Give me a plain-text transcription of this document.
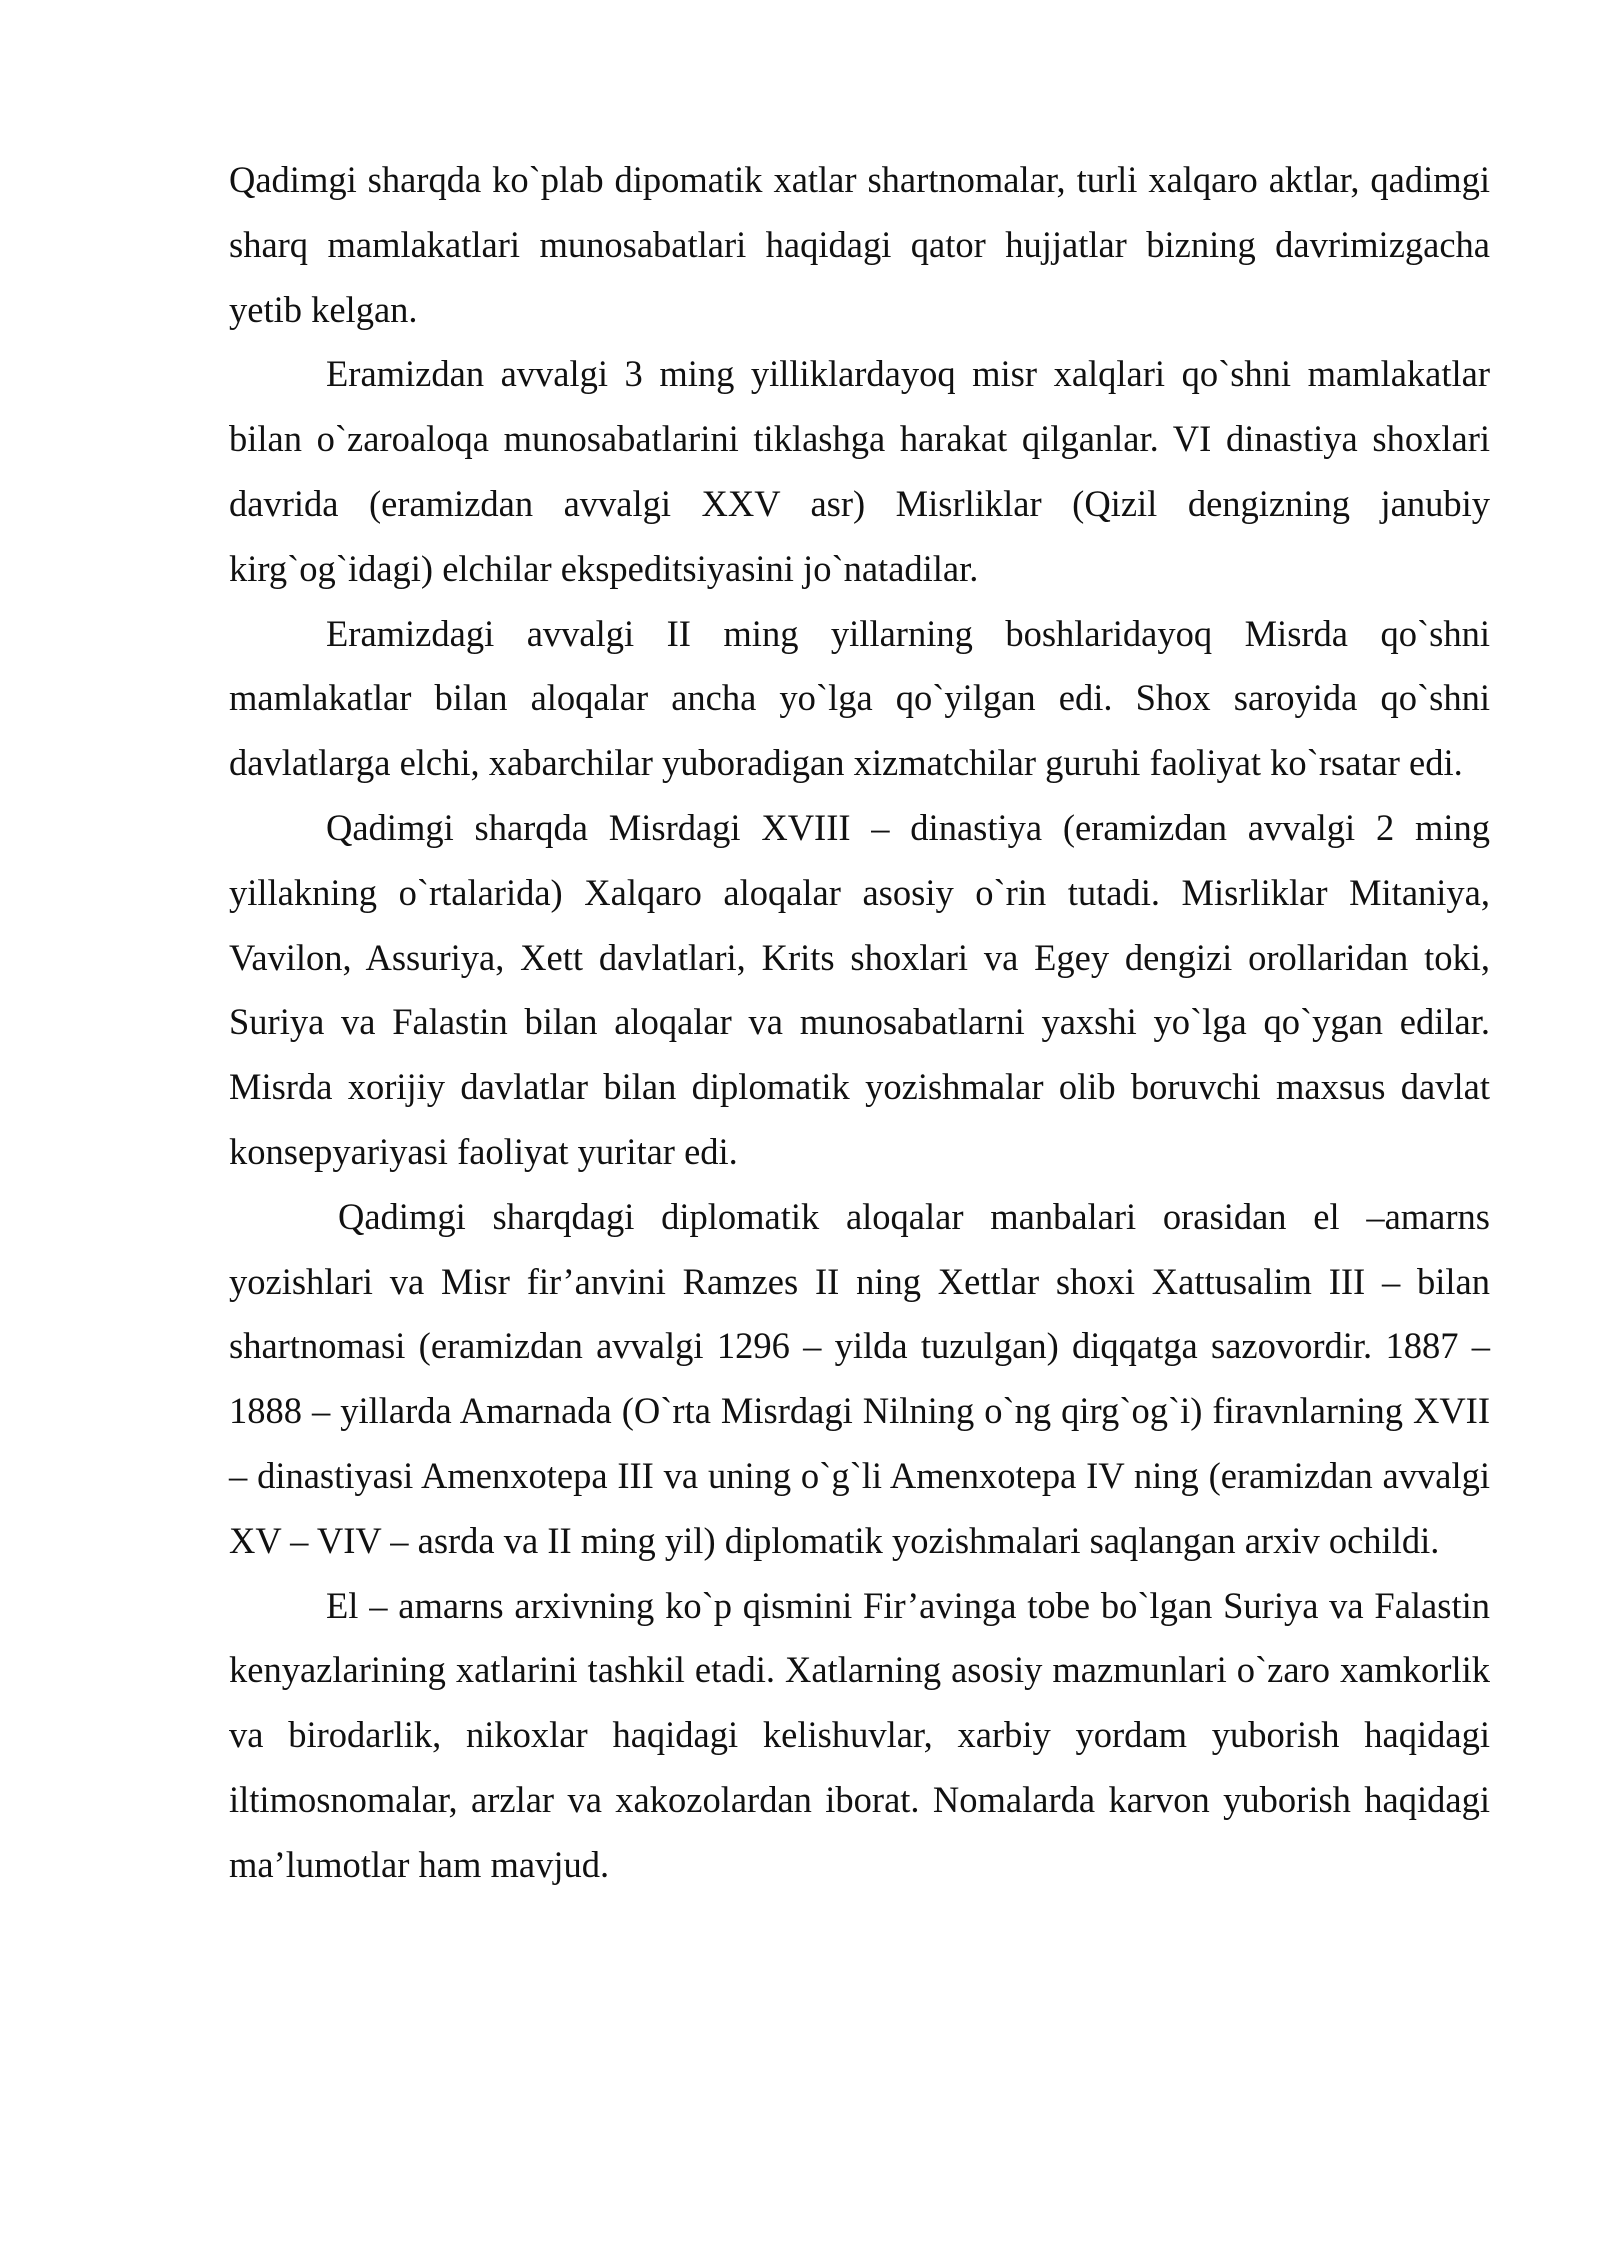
Qadimgi sharqda ko`plab dipomatik xatlar shartnomalar, turli xalqaro aktlar, qadimgi sharq mamlakatlari munosabatlari haqidagi qator hujjatlar bizning davrimizgacha yetib kelgan.

Eramizdan avvalgi 3 ming yilliklardayoq misr xalqlari qo`shni mamlakatlar bilan o`zaroaloqa munosabatlarini tiklashga harakat qilganlar. VI dinastiya shoxlari davrida (eramizdan avvalgi XXV asr) Misrliklar (Qizil dengizning janubiy kirg`og`idagi) elchilar ekspeditsiyasini jo`natadilar.

Eramizdagi avvalgi II ming yillarning boshlaridayoq Misrda qo`shni mamlakatlar bilan aloqalar ancha yo`lga qo`yilgan edi. Shox saroyida qo`shni davlatlarga elchi, xabarchilar yuboradigan xizmatchilar guruhi faoliyat ko`rsatar edi.

Qadimgi sharqda Misrdagi XVIII – dinastiya (eramizdan avvalgi 2 ming yillakning o`rtalarida) Xalqaro aloqalar asosiy o`rin tutadi. Misrliklar Mitaniya, Vavilon, Assuriya, Xett davlatlari, Krits shoxlari va Egey dengizi orollaridan toki, Suriya va Falastin bilan aloqalar va munosabatlarni yaxshi yo`lga qo`ygan edilar. Misrda xorijiy davlatlar bilan diplomatik yozishmalar olib boruvchi maxsus davlat konsepyariyasi faoliyat yuritar edi.

Qadimgi sharqdagi diplomatik aloqalar manbalari orasidan el –amarns yozishlari va Misr fir’anvini Ramzes II ning Xettlar shoxi Xattusalim III – bilan shartnomasi (eramizdan avvalgi 1296 – yilda tuzulgan) diqqatga sazovordir. 1887 –1888 – yillarda Amarnada (O`rta Misrdagi Nilning o`ng qirg`og`i) firavnlarning XVII – dinastiyasi Amenxotepa III va uning o`g`li Amenxotepa IV ning (eramizdan avvalgi XV – VIV – asrda va II ming yil) diplomatik yozishmalari saqlangan arxiv ochildi.

El – amarns arxivning ko`p qismini Fir’avinga tobe bo`lgan Suriya va Falastin kenyazlarining xatlarini tashkil etadi. Xatlarning asosiy mazmunlari o`zaro xamkorlik va birodarlik, nikoxlar haqidagi kelishuvlar, xarbiy yordam yuborish haqidagi iltimosnomalar, arzlar va xakozolardan iborat. Nomalarda karvon yuborish haqidagi ma’lumotlar ham mavjud.
